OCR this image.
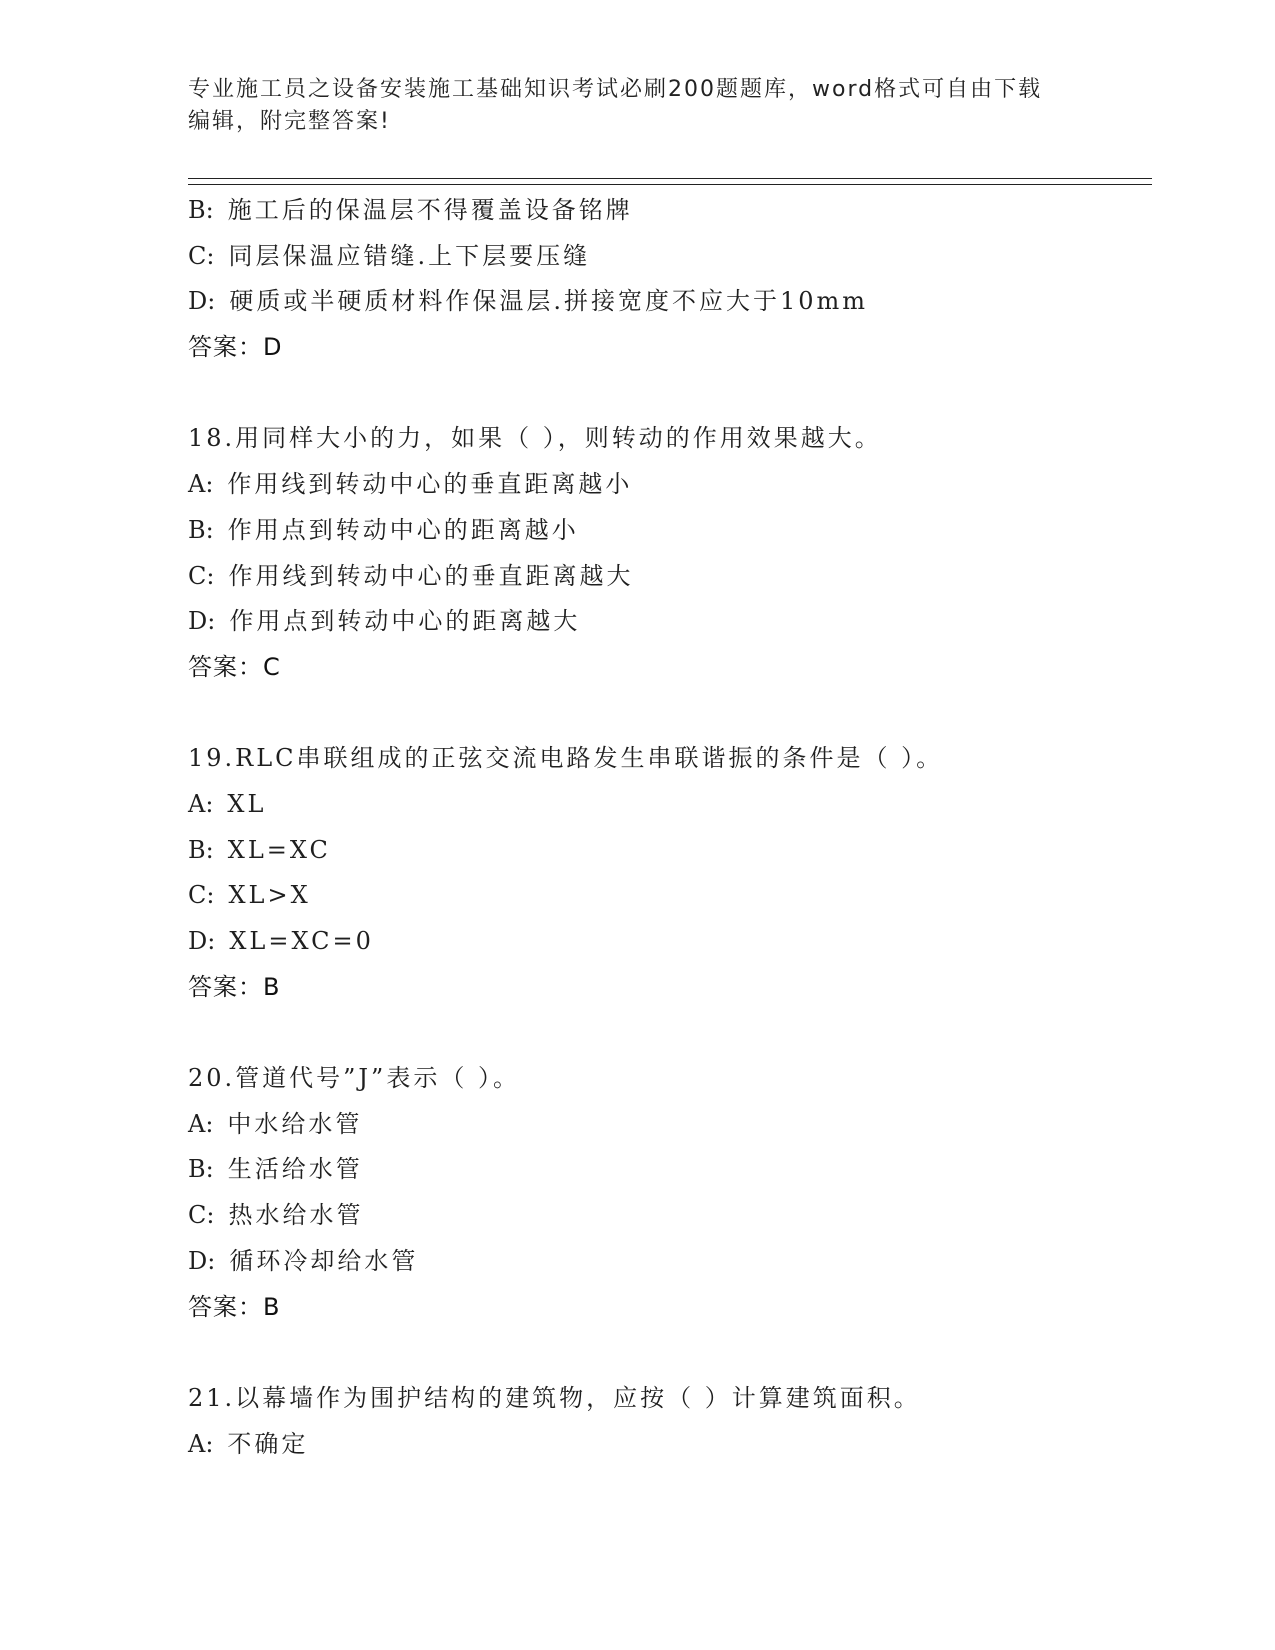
专业施工员之设备安装施工基础知识考试必刷200题题库，word格式可自由下载
编辑，附完整答案!
B: 施工后的保温层不得覆盖设备铭牌
C: 同层保温应错缝.上下层要压缝
D: 硬质或半硬质材料作保温层.拼接宽度不应大于10mm
答案：D
18.用同样大小的力，如果（ ），则转动的作用效果越大。
A: 作用线到转动中心的垂直距离越小
B: 作用点到转动中心的距离越小
C: 作用线到转动中心的垂直距离越大
D: 作用点到转动中心的距离越大
答案：C
19.RLC串联组成的正弦交流电路发生串联谐振的条件是（ ）。
A: XL
B: XL=XC
C: XL>X
D: XL=XC=0
答案：B
20.管道代号”J”表示（ ）。
A: 中水给水管
B: 生活给水管
C: 热水给水管
D: 循环冷却给水管
答案：B
21.以幕墙作为围护结构的建筑物，应按（ ）计算建筑面积。
A: 不确定
